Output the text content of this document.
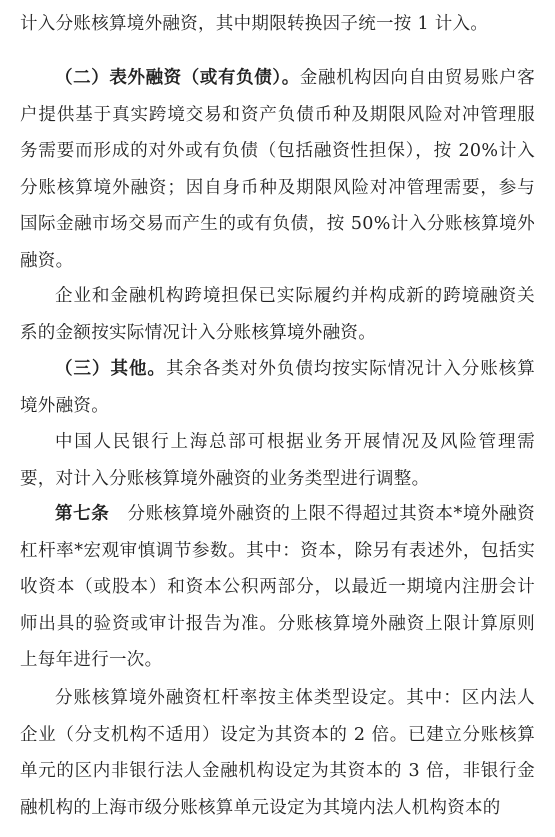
计入分账核算境外融资，其中期限转换因子统一按 1 计入。

（二）表外融资（或有负债）。金融机构因向自由贸易账户客户提供基于真实跨境交易和资产负债币种及期限风险对冲管理服务需要而形成的对外或有负债（包括融资性担保），按 20%计入分账核算境外融资；因自身币种及期限风险对冲管理需要，参与国际金融市场交易而产生的或有负债，按 50%计入分账核算境外融资。

企业和金融机构跨境担保已实际履约并构成新的跨境融资关系的金额按实际情况计入分账核算境外融资。

（三）其他。其余各类对外负债均按实际情况计入分账核算境外融资。

中国人民银行上海总部可根据业务开展情况及风险管理需要，对计入分账核算境外融资的业务类型进行调整。

第七条　分账核算境外融资的上限不得超过其资本*境外融资杠杆率*宏观审慎调节参数。其中：资本，除另有表述外，包括实收资本（或股本）和资本公积两部分，以最近一期境内注册会计师出具的验资或审计报告为准。分账核算境外融资上限计算原则上每年进行一次。

分账核算境外融资杠杆率按主体类型设定。其中：区内法人企业（分支机构不适用）设定为其资本的 2 倍。已建立分账核算单元的区内非银行法人金融机构设定为其资本的 3 倍，非银行金融机构的上海市级分账核算单元设定为其境内法人机构资本的
